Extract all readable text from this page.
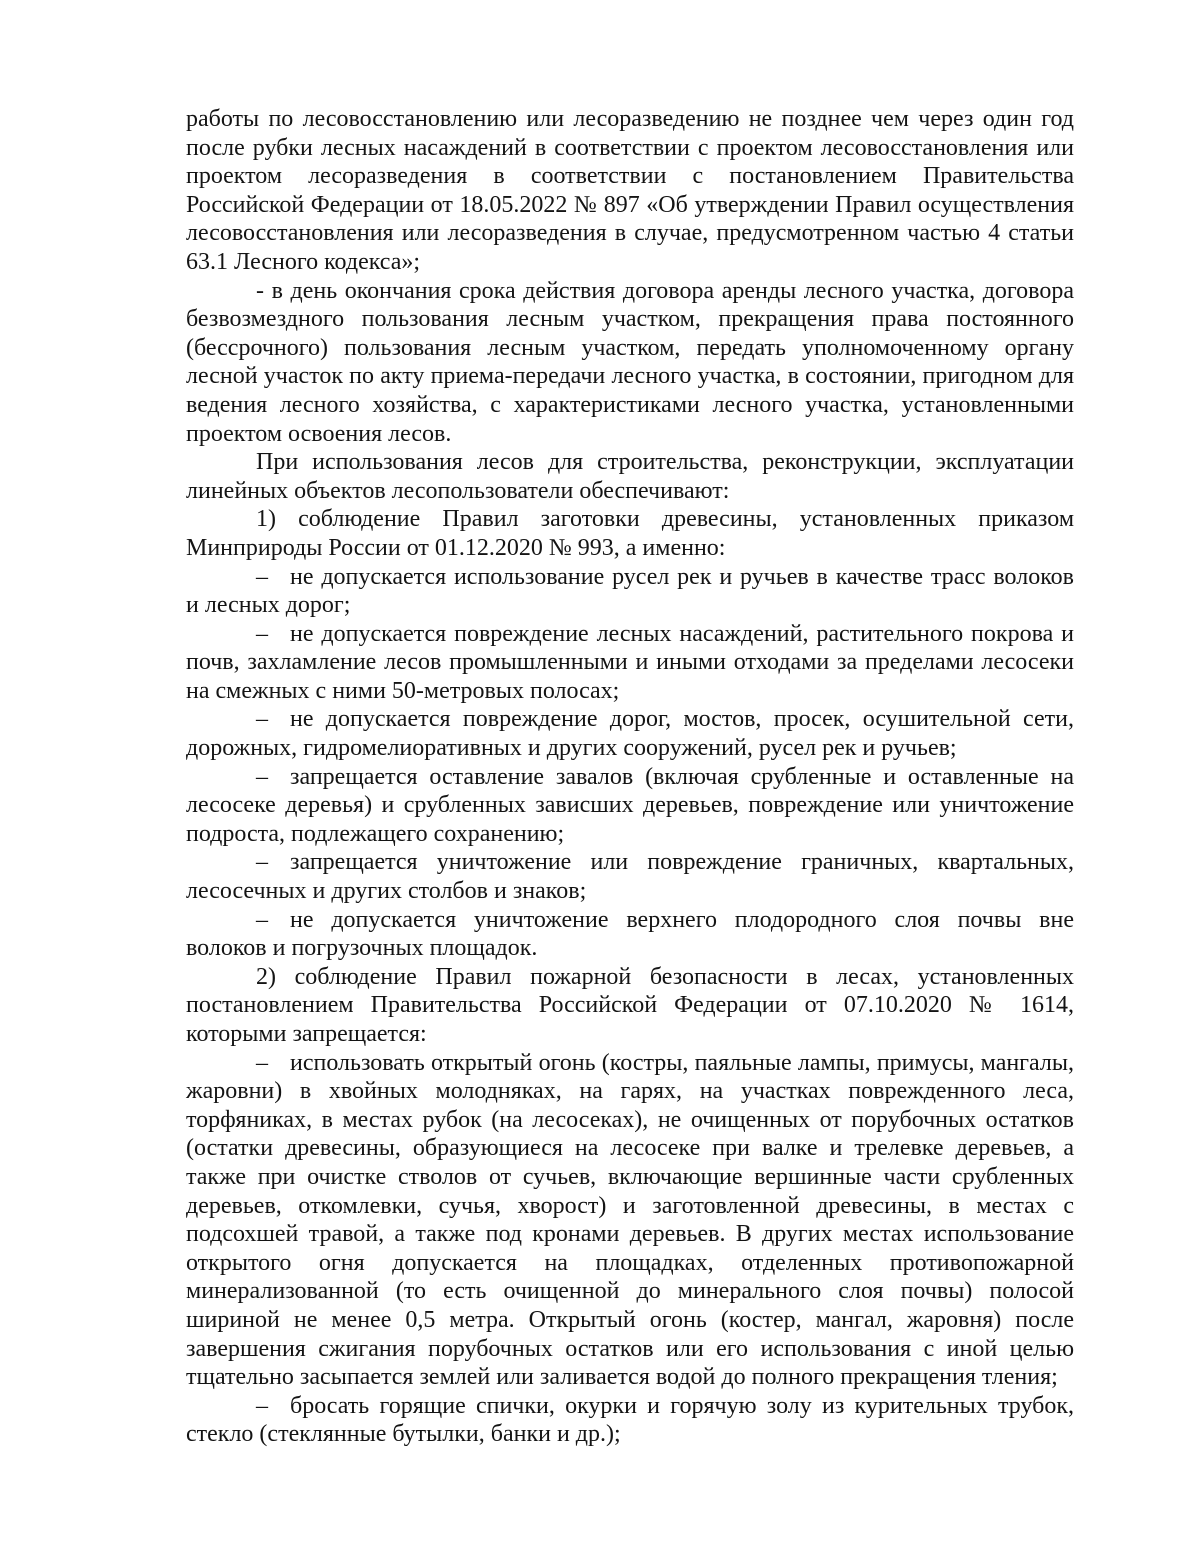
работы по лесовосстановлению или лесоразведению не позднее чем через один год после рубки лесных насаждений в соответствии с проектом лесовосстановления или проектом лесоразведения в соответствии с постановлением Правительства Российской Федерации от 18.05.2022 № 897 «Об утверждении Правил осуществления лесовосстановления или лесоразведения в случае, предусмотренном частью 4 статьи 63.1 Лесного кодекса»;

- в день окончания срока действия договора аренды лесного участка, договора безвозмездного пользования лесным участком, прекращения права постоянного (бессрочного) пользования лесным участком, передать уполномоченному органу лесной участок по акту приема-передачи лесного участка, в состоянии, пригодном для ведения лесного хозяйства, с характеристиками лесного участка, установленными проектом освоения лесов.

При использования лесов для строительства, реконструкции, эксплуатации линейных объектов лесопользователи обеспечивают:

1) соблюдение Правил заготовки древесины, установленных приказом Минприроды России от 01.12.2020 № 993, а именно:

– не допускается использование русел рек и ручьев в качестве трасс волоков и лесных дорог;

– не допускается повреждение лесных насаждений, растительного покрова и почв, захламление лесов промышленными и иными отходами за пределами лесосеки на смежных с ними 50-метровых полосах;

– не допускается повреждение дорог, мостов, просек, осушительной сети, дорожных, гидромелиоративных и других сооружений, русел рек и ручьев;

– запрещается оставление завалов (включая срубленные и оставленные на лесосеке деревья) и срубленных зависших деревьев, повреждение или уничтожение подроста, подлежащего сохранению;

– запрещается уничтожение или повреждение граничных, квартальных, лесосечных и других столбов и знаков;

– не допускается уничтожение верхнего плодородного слоя почвы вне волоков и погрузочных площадок.

2) соблюдение Правил пожарной безопасности в лесах, установленных постановлением Правительства Российской Федерации от 07.10.2020 № 1614, которыми запрещается:

– использовать открытый огонь (костры, паяльные лампы, примусы, мангалы, жаровни) в хвойных молодняках, на гарях, на участках поврежденного леса, торфяниках, в местах рубок (на лесосеках), не очищенных от порубочных остатков (остатки древесины, образующиеся на лесосеке при валке и трелевке деревьев, а также при очистке стволов от сучьев, включающие вершинные части срубленных деревьев, откомлевки, сучья, хворост) и заготовленной древесины, в местах с подсохшей травой, а также под кронами деревьев. В других местах использование открытого огня допускается на площадках, отделенных противопожарной минерализованной (то есть очищенной до минерального слоя почвы) полосой шириной не менее 0,5 метра. Открытый огонь (костер, мангал, жаровня) после завершения сжигания порубочных остатков или его использования с иной целью тщательно засыпается землей или заливается водой до полного прекращения тления;

– бросать горящие спички, окурки и горячую золу из курительных трубок, стекло (стеклянные бутылки, банки и др.);
